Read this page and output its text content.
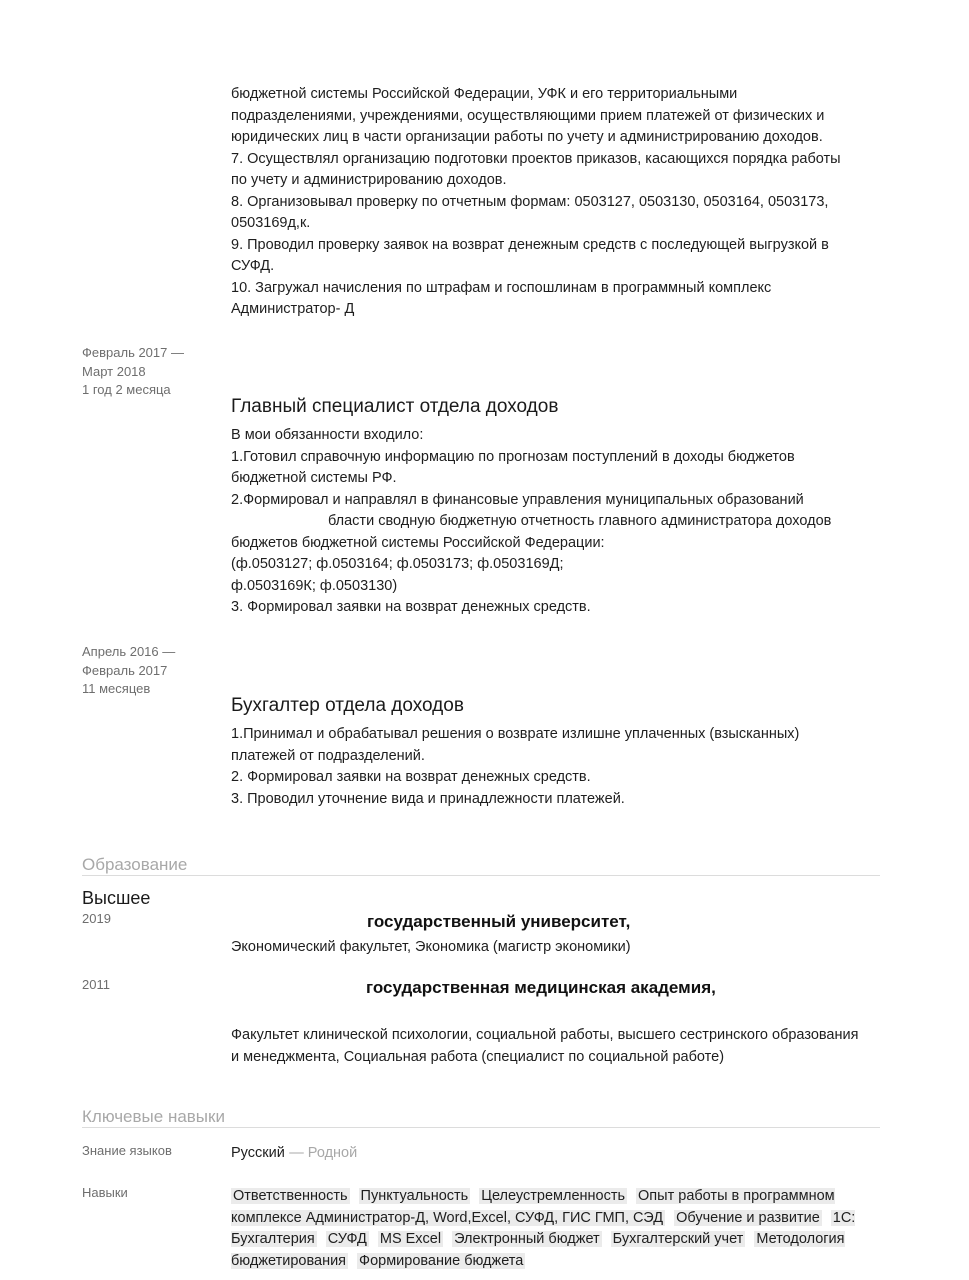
бюджетной системы Российской Федерации, УФК и его территориальными
подразделениями, учреждениями, осуществляющими прием платежей от физических и
юридических лиц в части организации работы по учету и администрированию доходов.
7. Осуществлял организацию подготовки проектов приказов, касающихся порядка работы
по учету и администрированию доходов.
8. Организовывал проверку по отчетным формам: 0503127, 0503130, 0503164, 0503173,
0503169д,к.
9. Проводил проверку заявок на возврат денежным средств с последующей выгрузкой в
СУФД.
10. Загружал начисления по штрафам и госпошлинам в программный комплекс
Администратор- Д
Февраль 2017 —
Март 2018
1 год 2 месяца
Главный специалист отдела доходов
В мои обязанности входило:
1.Готовил справочную информацию по прогнозам поступлений в доходы бюджетов
бюджетной системы РФ.
2.Формировал и направлял в финансовые управления муниципальных образований
бласти сводную бюджетную отчетность главного администратора доходов
бюджетов бюджетной системы Российской Федерации:
(ф.0503127; ф.0503164; ф.0503173; ф.0503169Д;
ф.0503169К; ф.0503130)
3. Формировал заявки на возврат денежных средств.
Апрель 2016 —
Февраль 2017
11 месяцев
Бухгалтер отдела доходов
1.Принимал и обрабатывал решения о возврате излишне уплаченных (взысканных)
платежей от подразделений.
2. Формировал заявки на возврат денежных средств.
3. Проводил уточнение вида и принадлежности платежей.
Образование
Высшее
2019	государственный университет,
Экономический факультет, Экономика (магистр экономики)
2011	государственная медицинская академия,
Факультет клинической психологии, социальной работы, высшего сестринского образования
и менеджмента, Социальная работа (специалист по социальной работе)
Ключевые навыки
Знание языков	Русский — Родной
Навыки	Ответственность Пунктуальность Целеустремленность Опыт работы в программном комплексе Администратор-Д, Word,Excel, СУФД, ГИС ГМП, СЭД Обучение и развитие 1С: Бухгалтерия СУФД MS Excel Электронный бюджет Бухгалтерский учет Методология бюджетирования Формирование бюджета
